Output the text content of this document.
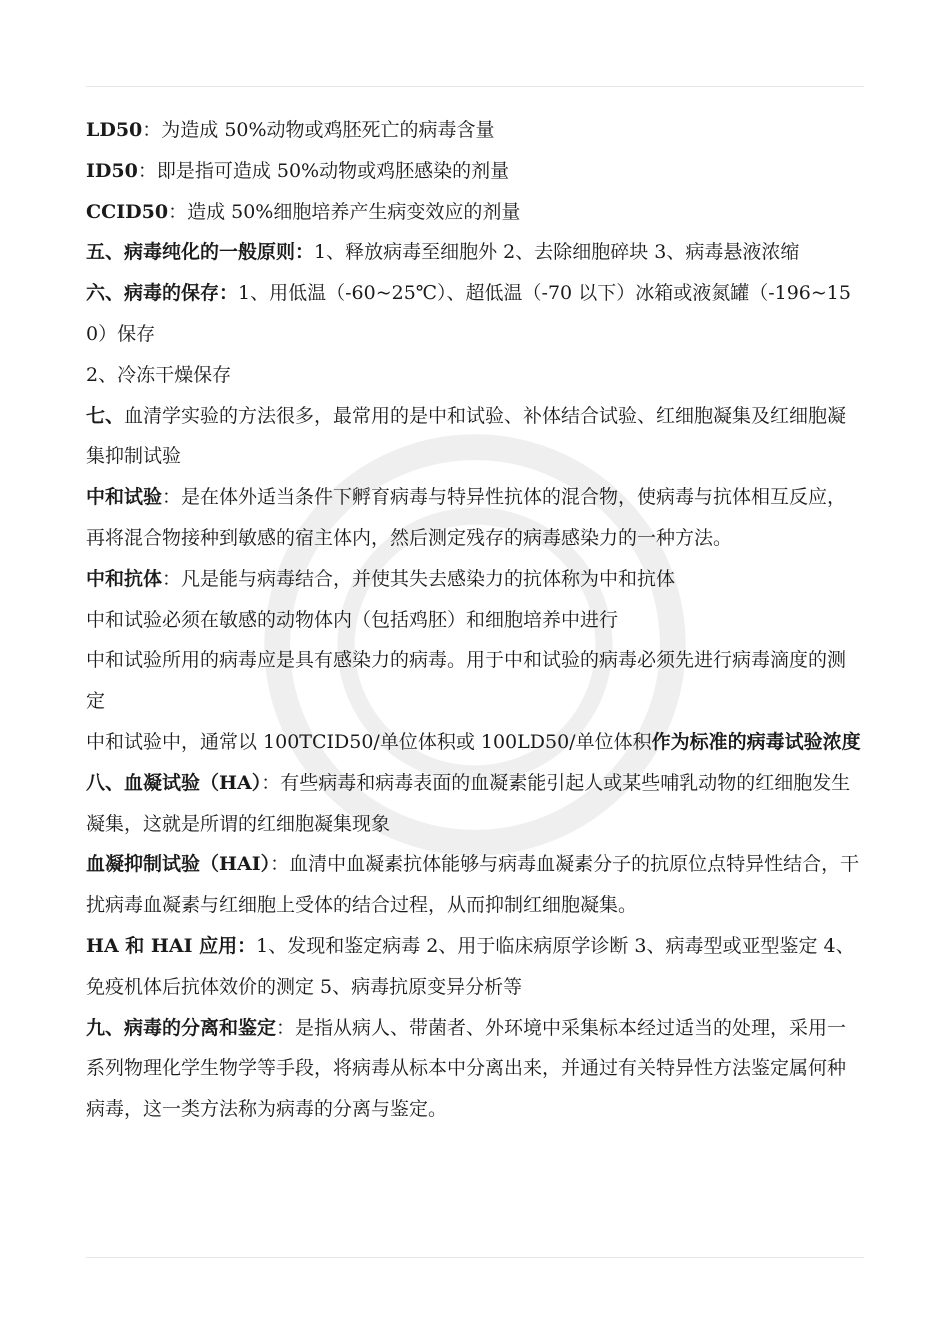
LD50：为造成 50%动物或鸡胚死亡的病毒含量

ID50：即是指可造成 50%动物或鸡胚感染的剂量

CCID50：造成 50%细胞培养产生病变效应的剂量

五、病毒纯化的一般原则：1、释放病毒至细胞外 2、去除细胞碎块 3、病毒悬液浓缩

六、病毒的保存：1、用低温（-60~25℃）、超低温（-70 以下）冰箱或液氮罐（-196~150）保存

2、冷冻干燥保存

七、血清学实验的方法很多，最常用的是中和试验、补体结合试验、红细胞凝集及红细胞凝集抑制试验

中和试验：是在体外适当条件下孵育病毒与特异性抗体的混合物，使病毒与抗体相互反应，再将混合物接种到敏感的宿主体内，然后测定残存的病毒感染力的一种方法。

中和抗体：凡是能与病毒结合，并使其失去感染力的抗体称为中和抗体

中和试验必须在敏感的动物体内（包括鸡胚）和细胞培养中进行

中和试验所用的病毒应是具有感染力的病毒。用于中和试验的病毒必须先进行病毒滴度的测定

中和试验中，通常以 100TCID50/单位体积或 100LD50/单位体积作为标准的病毒试验浓度

八、血凝试验（HA）：有些病毒和病毒表面的血凝素能引起人或某些哺乳动物的红细胞发生凝集，这就是所谓的红细胞凝集现象

血凝抑制试验（HAI）：血清中血凝素抗体能够与病毒血凝素分子的抗原位点特异性结合，干扰病毒血凝素与红细胞上受体的结合过程，从而抑制红细胞凝集。

HA 和 HAI 应用：1、发现和鉴定病毒 2、用于临床病原学诊断 3、病毒型或亚型鉴定 4、免疫机体后抗体效价的测定 5、病毒抗原变异分析等

九、病毒的分离和鉴定：是指从病人、带菌者、外环境中采集标本经过适当的处理，采用一系列物理化学生物学等手段，将病毒从标本中分离出来，并通过有关特异性方法鉴定属何种病毒，这一类方法称为病毒的分离与鉴定。
